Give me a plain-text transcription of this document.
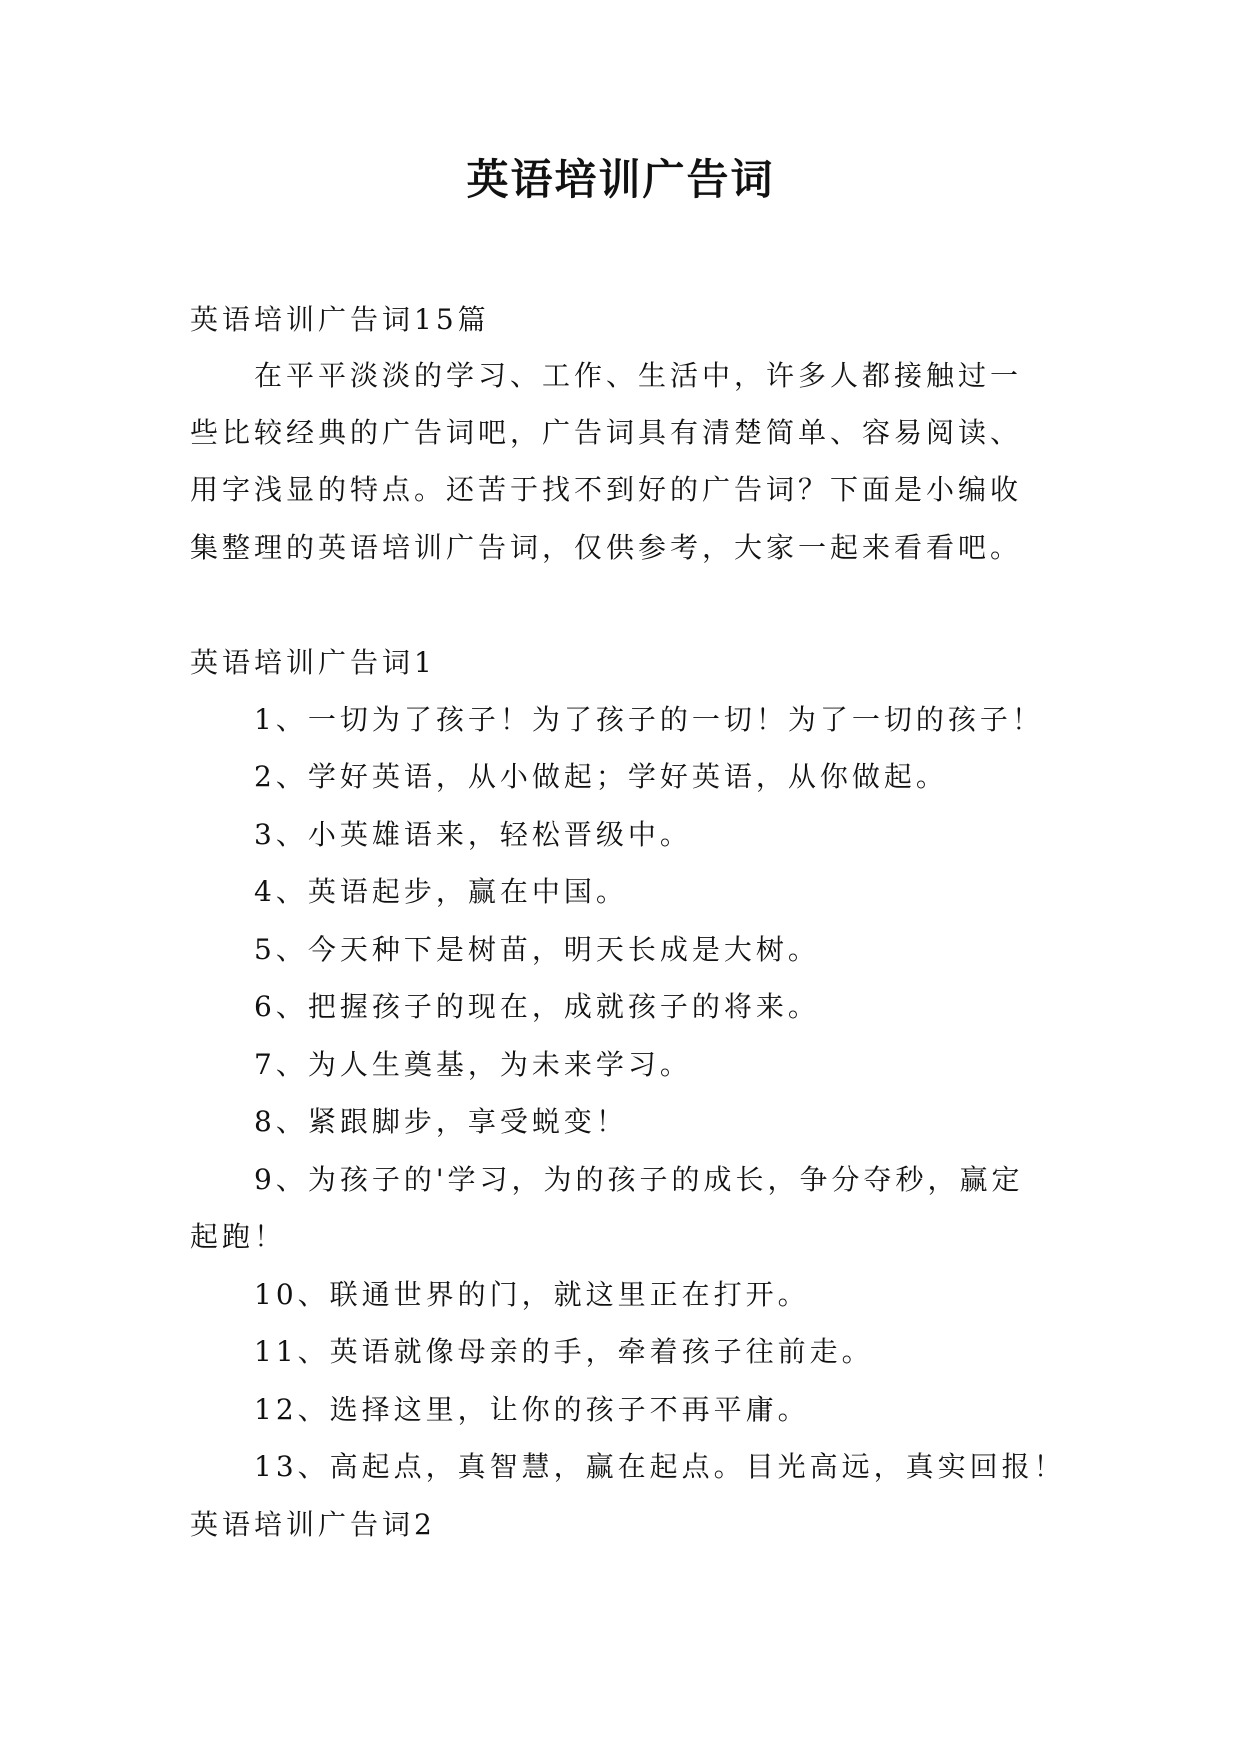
英语培训广告词

英语培训广告词15篇

在平平淡淡的学习、工作、生活中，许多人都接触过一

些比较经典的广告词吧，广告词具有清楚简单、容易阅读、

用字浅显的特点。还苦于找不到好的广告词？下面是小编收

集整理的英语培训广告词，仅供参考，大家一起来看看吧。

英语培训广告词1

1、一切为了孩子！为了孩子的一切！为了一切的孩子！

2、学好英语，从小做起；学好英语，从你做起。

3、小英雄语来，轻松晋级中。

4、英语起步，赢在中国。

5、今天种下是树苗，明天长成是大树。

6、把握孩子的现在，成就孩子的将来。

7、为人生奠基，为未来学习。

8、紧跟脚步，享受蜕变！

9、为孩子的'学习，为的孩子的成长，争分夺秒，赢定

起跑！

10、联通世界的门，就这里正在打开。

11、英语就像母亲的手，牵着孩子往前走。

12、选择这里，让你的孩子不再平庸。

13、高起点，真智慧，赢在起点。目光高远，真实回报！

英语培训广告词2
